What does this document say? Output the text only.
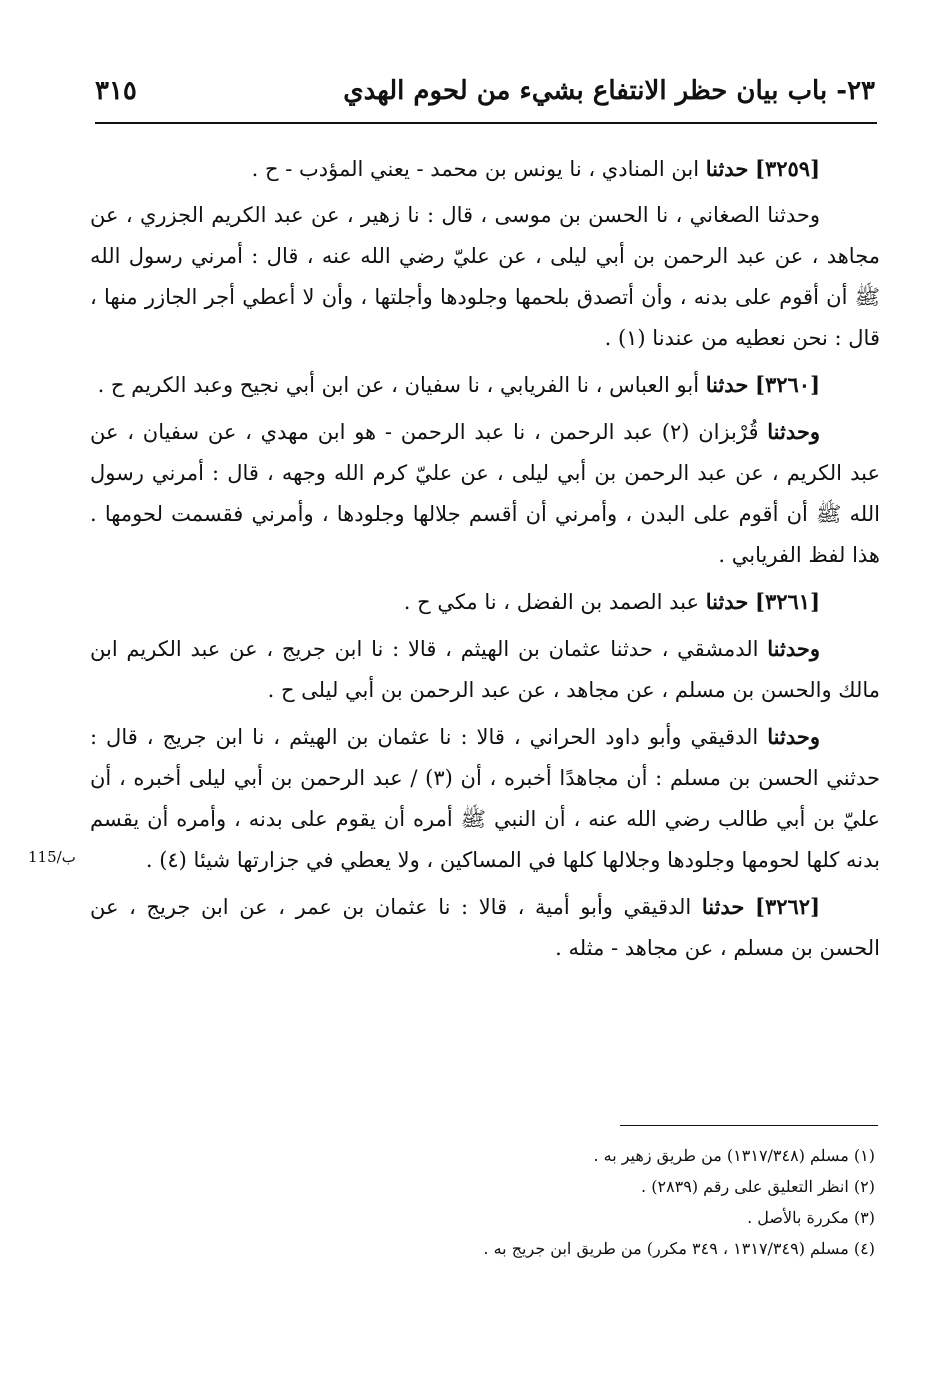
٢٣- باب بيان حظر الانتفاع بشيء من لحوم الهدي
٣١٥
115/ب

[٣٢٥٩] حدثنا ابن المنادي ، نا يونس بن محمد - يعني المؤدب - ح .

وحدثنا الصغاني ، نا الحسن بن موسى ، قال : نا زهير ، عن عبد الكريم الجزري ، عن مجاهد ، عن عبد الرحمن بن أبي ليلى ، عن عليّ رضي الله عنه ، قال : أمرني رسول الله ﷺ أن أقوم على بدنه ، وأن أتصدق بلحمها وجلودها وأجلتها ، وأن لا أعطي أجر الجازر منها ، قال : نحن نعطيه من عندنا (١) .

[٣٢٦٠] حدثنا أبو العباس ، نا الفريابي ، نا سفيان ، عن ابن أبي نجيح وعبد الكريم ح .

وحدثنا قُرْبزان (٢) عبد الرحمن ، نا عبد الرحمن - هو ابن مهدي ، عن سفيان ، عن عبد الكريم ، عن عبد الرحمن بن أبي ليلى ، عن عليّ كرم الله وجهه ، قال : أمرني رسول الله ﷺ أن أقوم على البدن ، وأمرني أن أقسم جلالها وجلودها ، وأمرني فقسمت لحومها . هذا لفظ الفريابي .

[٣٢٦١] حدثنا عبد الصمد بن الفضل ، نا مكي ح .

وحدثنا الدمشقي ، حدثنا عثمان بن الهيثم ، قالا : نا ابن جريج ، عن عبد الكريم ابن مالك والحسن بن مسلم ، عن مجاهد ، عن عبد الرحمن بن أبي ليلى ح .

وحدثنا الدقيقي وأبو داود الحراني ، قالا : نا عثمان بن الهيثم ، نا ابن جريج ، قال : حدثني الحسن بن مسلم : أن مجاهدًا أخبره ، أن (٣) / عبد الرحمن بن أبي ليلى أخبره ، أن عليّ بن أبي طالب رضي الله عنه ، أن النبي ﷺ أمره أن يقوم على بدنه ، وأمره أن يقسم بدنه كلها لحومها وجلودها وجلالها كلها في المساكين ، ولا يعطي في جزارتها شيئا (٤) .

[٣٢٦٢] حدثنا الدقيقي وأبو أمية ، قالا : نا عثمان بن عمر ، عن ابن جريج ، عن الحسن بن مسلم ، عن مجاهد - مثله .

(١) مسلم (١٣١٧/٣٤٨) من طريق زهير به .
(٢) انظر التعليق على رقم (٢٨٣٩) .
(٣) مكررة بالأصل .
(٤) مسلم (١٣١٧/٣٤٩ ، ٣٤٩ مكرر) من طريق ابن جريج به .
